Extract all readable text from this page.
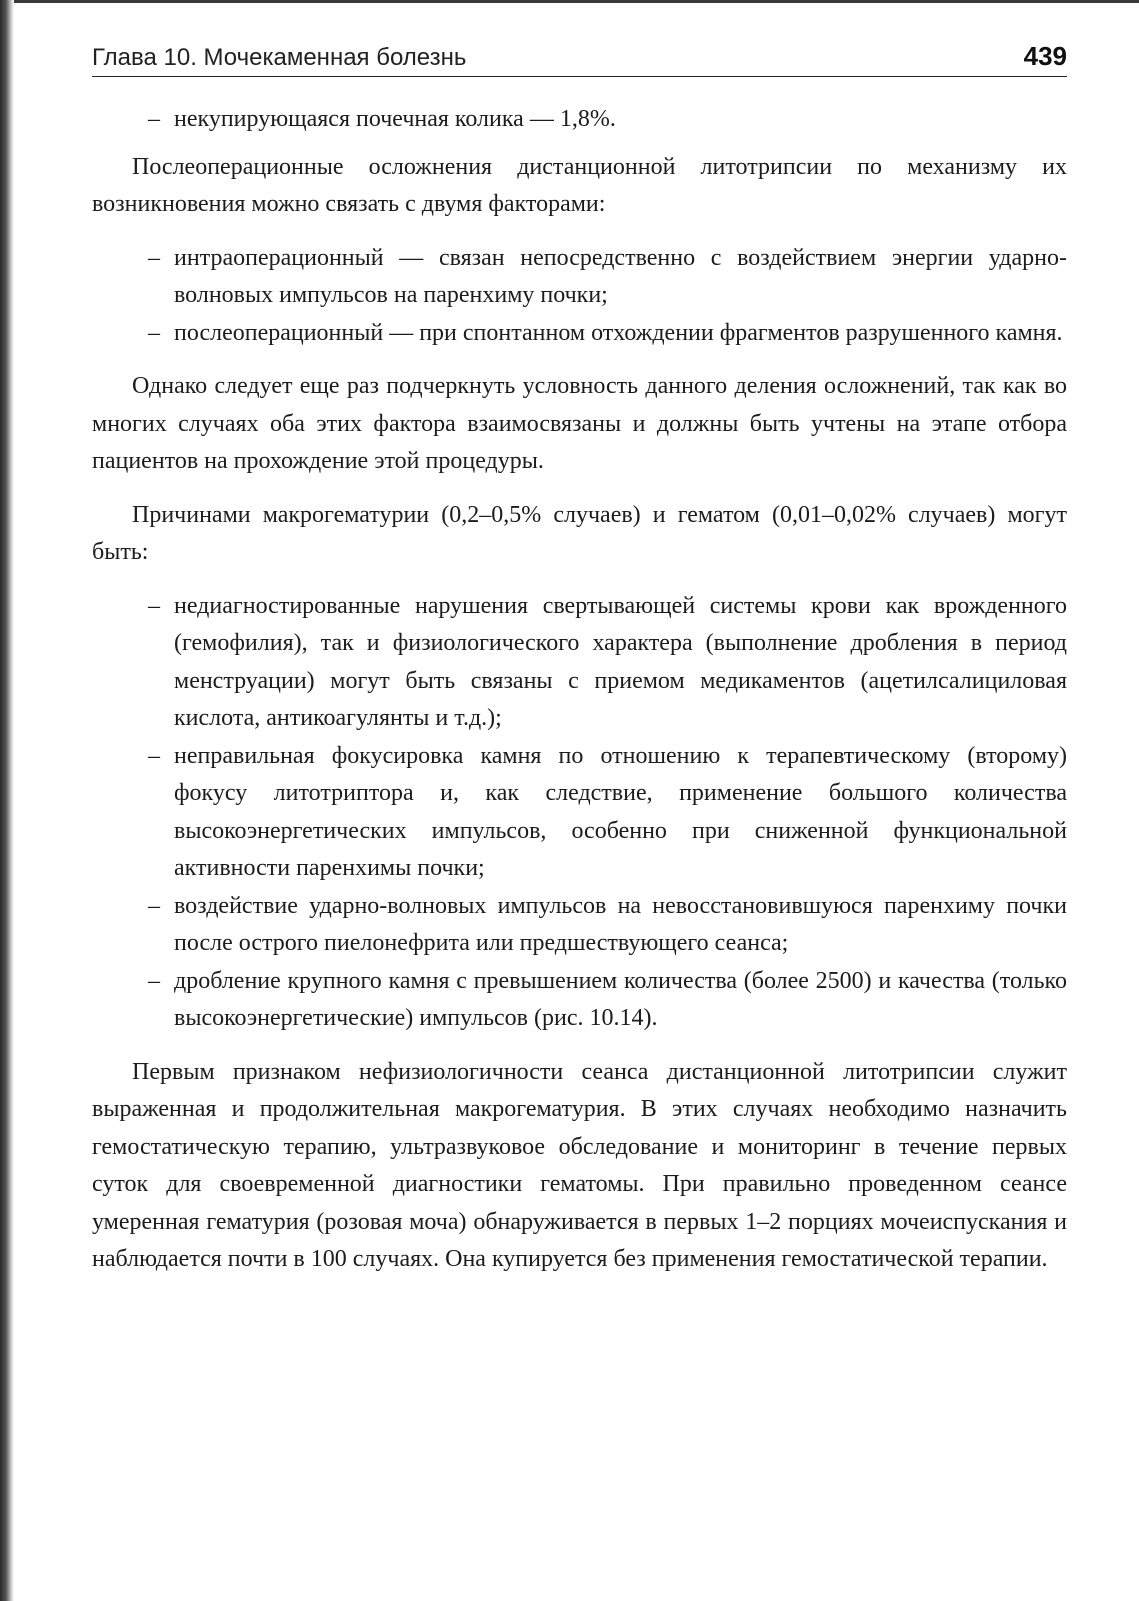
Глава 10. Мочекаменная болезнь	439
– некупирующаяся почечная колика — 1,8%.

Послеоперационные осложнения дистанционной литотрипсии по механизму их возникновения можно связать с двумя факторами:

– интраоперационный — связан непосредственно с воздействием энергии ударно-волновых импульсов на паренхиму почки;
– послеоперационный — при спонтанном отхождении фрагментов разрушенного камня.

Однако следует еще раз подчеркнуть условность данного деления осложнений, так как во многих случаях оба этих фактора взаимосвязаны и должны быть учтены на этапе отбора пациентов на прохождение этой процедуры.

Причинами макрогематурии (0,2–0,5% случаев) и гематом (0,01–0,02% случаев) могут быть:

– недиагностированные нарушения свертывающей системы крови как врожденного (гемофилия), так и физиологического характера (выполнение дробления в период менструации) могут быть связаны с приемом медикаментов (ацетилсалициловая кислота, антикоагулянты и т.д.);
– неправильная фокусировка камня по отношению к терапевтическому (второму) фокусу литотриптора и, как следствие, применение большого количества высокоэнергетических импульсов, особенно при сниженной функциональной активности паренхимы почки;
– воздействие ударно-волновых импульсов на невосстановившуюся паренхиму почки после острого пиелонефрита или предшествующего сеанса;
– дробление крупного камня с превышением количества (более 2500) и качества (только высокоэнергетические) импульсов (рис. 10.14).

Первым признаком нефизиологичности сеанса дистанционной литотрипсии служит выраженная и продолжительная макрогематурия. В этих случаях необходимо назначить гемостатическую терапию, ультразвуковое обследование и мониторинг в течение первых суток для своевременной диагностики гематомы. При правильно проведенном сеансе умеренная гематурия (розовая моча) обнаруживается в первых 1–2 порциях мочеиспускания и наблюдается почти в 100 случаях. Она купируется без применения гемостатической терапии.
